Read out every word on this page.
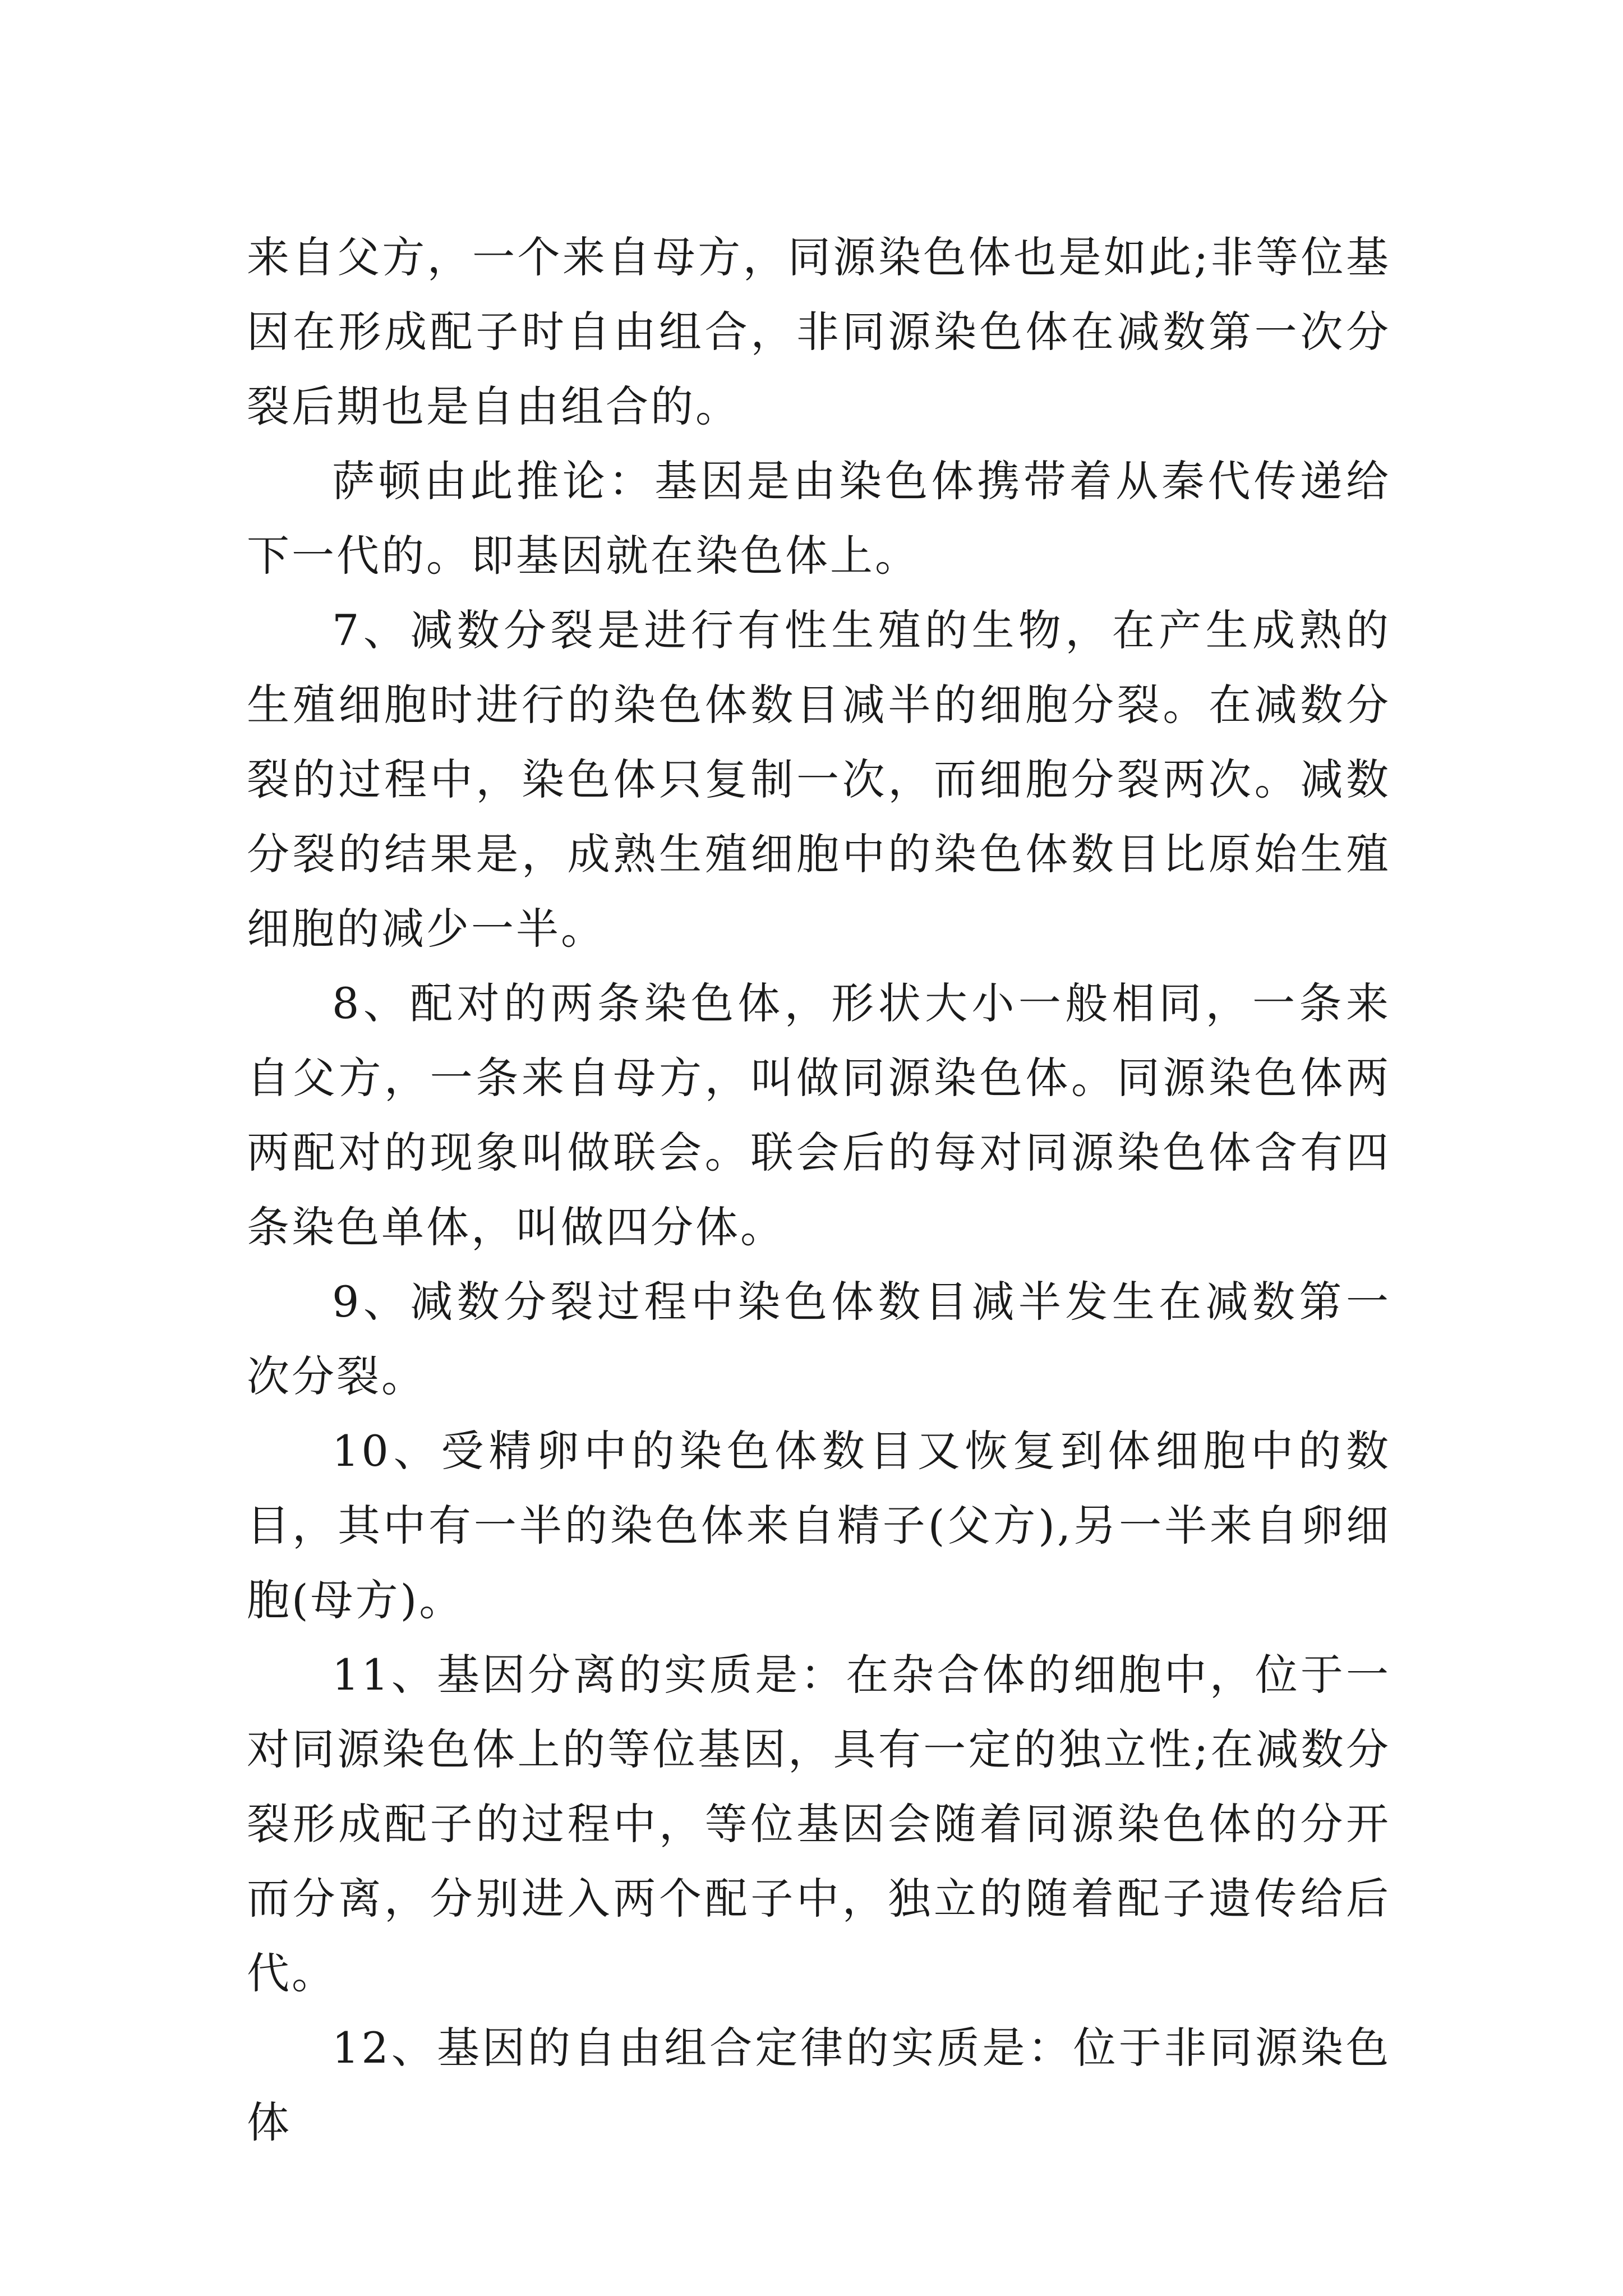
来自父方，一个来自母方，同源染色体也是如此;非等位基因在形成配子时自由组合，非同源染色体在减数第一次分裂后期也是自由组合的。

萨顿由此推论：基因是由染色体携带着从秦代传递给下一代的。即基因就在染色体上。

7、减数分裂是进行有性生殖的生物，在产生成熟的生殖细胞时进行的染色体数目减半的细胞分裂。在减数分裂的过程中，染色体只复制一次，而细胞分裂两次。减数分裂的结果是，成熟生殖细胞中的染色体数目比原始生殖细胞的减少一半。

8、配对的两条染色体，形状大小一般相同，一条来自父方，一条来自母方，叫做同源染色体。同源染色体两两配对的现象叫做联会。联会后的每对同源染色体含有四条染色单体，叫做四分体。

9、减数分裂过程中染色体数目减半发生在减数第一次分裂。

10、受精卵中的染色体数目又恢复到体细胞中的数目，其中有一半的染色体来自精子(父方),另一半来自卵细胞(母方)。

11、基因分离的实质是：在杂合体的细胞中，位于一对同源染色体上的等位基因，具有一定的独立性;在减数分裂形成配子的过程中，等位基因会随着同源染色体的分开而分离，分别进入两个配子中，独立的随着配子遗传给后代。

12、基因的自由组合定律的实质是：位于非同源染色体
